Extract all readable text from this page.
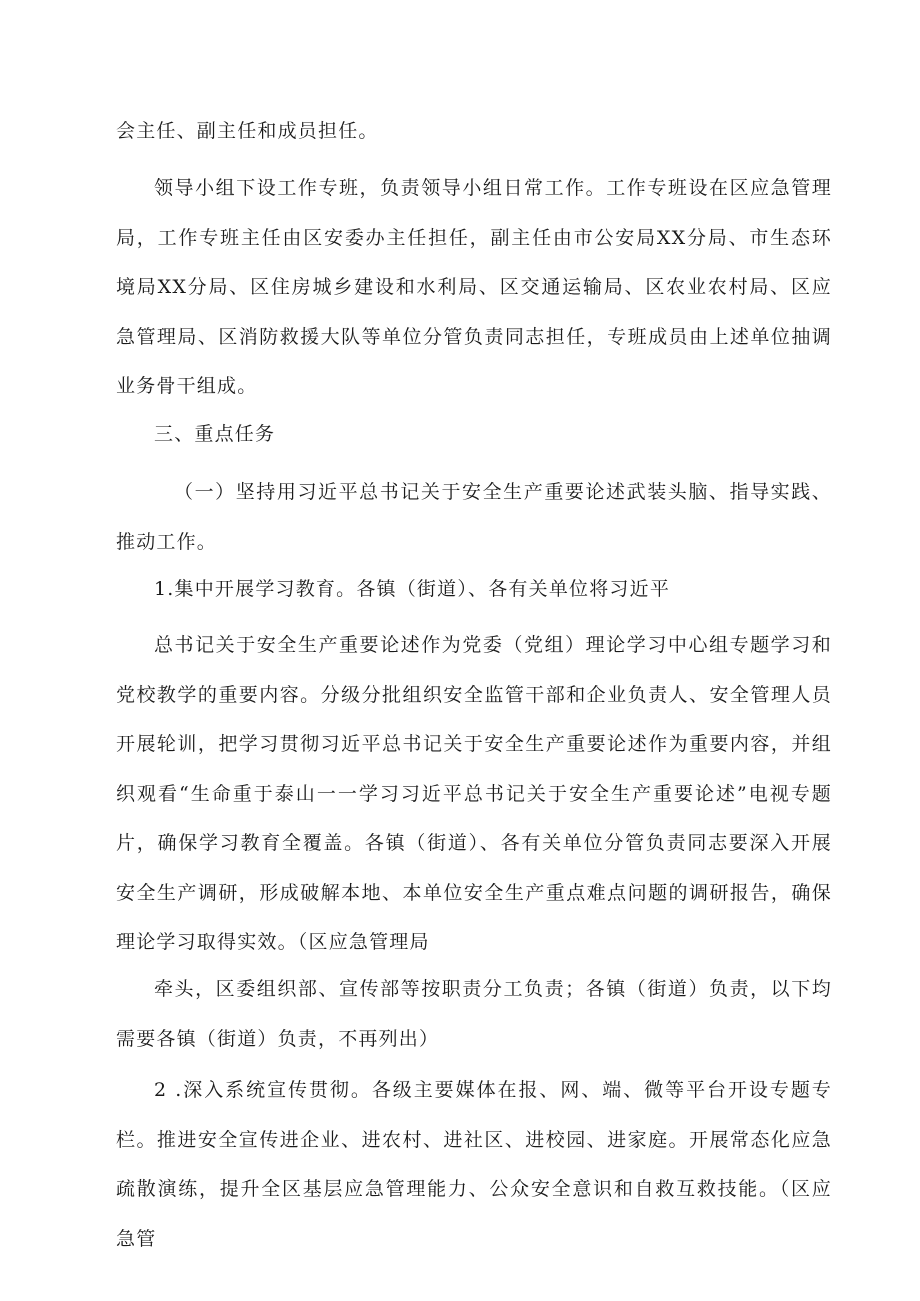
会主任、副主任和成员担任。

领导小组下设工作专班，负责领导小组日常工作。工作专班设在区应急管理局，工作专班主任由区安委办主任担任，副主任由市公安局XX分局、市生态环境局XX分局、区住房城乡建设和水利局、区交通运输局、区农业农村局、区应急管理局、区消防救援大队等单位分管负责同志担任，专班成员由上述单位抽调业务骨干组成。

三、重点任务

（一）坚持用习近平总书记关于安全生产重要论述武装头脑、指导实践、推动工作。

1.集中开展学习教育。各镇（街道）、各有关单位将习近平

总书记关于安全生产重要论述作为党委（党组）理论学习中心组专题学习和党校教学的重要内容。分级分批组织安全监管干部和企业负责人、安全管理人员开展轮训，把学习贯彻习近平总书记关于安全生产重要论述作为重要内容，并组织观看“生命重于泰山一一学习习近平总书记关于安全生产重要论述”电视专题片，确保学习教育全覆盖。各镇（街道）、各有关单位分管负责同志要深入开展安全生产调研，形成破解本地、本单位安全生产重点难点问题的调研报告，确保理论学习取得实效。（区应急管理局

牵头，区委组织部、宣传部等按职责分工负责；各镇（街道）负责，以下均需要各镇（街道）负责，不再列出）

2 .深入系统宣传贯彻。各级主要媒体在报、网、端、微等平台开设专题专栏。推进安全宣传进企业、进农村、进社区、进校园、进家庭。开展常态化应急疏散演练，提升全区基层应急管理能力、公众安全意识和自救互救技能。（区应急管
